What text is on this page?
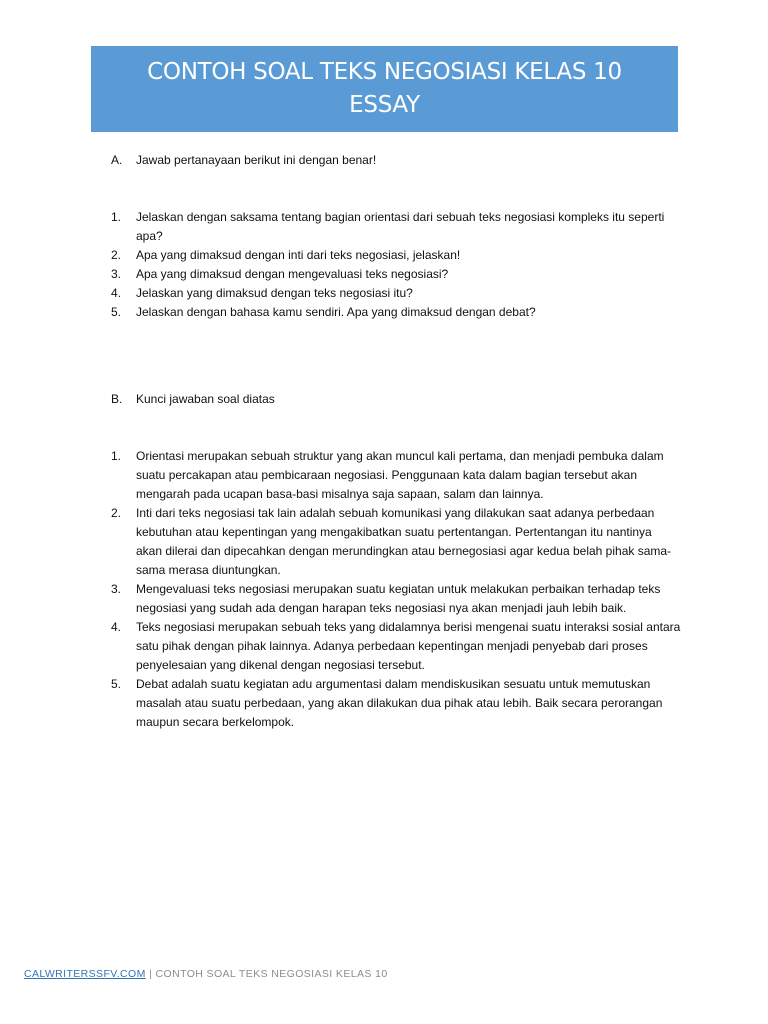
CONTOH SOAL TEKS NEGOSIASI KELAS 10 ESSAY
A.	Jawab pertanayaan berikut ini dengan benar!
1.	Jelaskan dengan saksama tentang bagian orientasi dari sebuah teks negosiasi kompleks itu seperti apa?
2.	Apa yang dimaksud dengan inti dari teks negosiasi, jelaskan!
3.	Apa yang dimaksud dengan mengevaluasi teks negosiasi?
4.	Jelaskan yang dimaksud dengan teks negosiasi itu?
5.	Jelaskan dengan bahasa kamu sendiri. Apa yang dimaksud dengan debat?
B.	Kunci jawaban soal diatas
1.	Orientasi merupakan sebuah struktur yang akan muncul kali pertama, dan menjadi pembuka dalam suatu percakapan atau pembicaraan negosiasi. Penggunaan kata dalam bagian tersebut akan mengarah pada ucapan basa-basi misalnya saja sapaan, salam dan lainnya.
2.	Inti dari teks negosiasi tak lain adalah sebuah komunikasi yang dilakukan saat adanya perbedaan kebutuhan atau kepentingan yang mengakibatkan suatu pertentangan. Pertentangan itu nantinya akan dilerai dan dipecahkan dengan merundingkan atau bernegosiasi agar kedua belah pihak sama-sama merasa diuntungkan.
3.	Mengevaluasi teks negosiasi merupakan suatu kegiatan untuk melakukan perbaikan terhadap teks negosiasi yang sudah ada dengan harapan teks negosiasi nya akan menjadi jauh lebih baik.
4.	Teks negosiasi merupakan sebuah teks yang didalamnya berisi mengenai suatu interaksi sosial antara satu pihak dengan pihak lainnya. Adanya perbedaan kepentingan menjadi penyebab dari proses penyelesaian yang dikenal dengan negosiasi tersebut.
5.	Debat adalah suatu kegiatan adu argumentasi dalam mendiskusikan sesuatu untuk memutuskan masalah atau suatu perbedaan, yang akan dilakukan dua pihak atau lebih. Baik secara perorangan maupun secara berkelompok.
CALWRITERSSFV.COM | CONTOH SOAL TEKS NEGOSIASI KELAS 10
